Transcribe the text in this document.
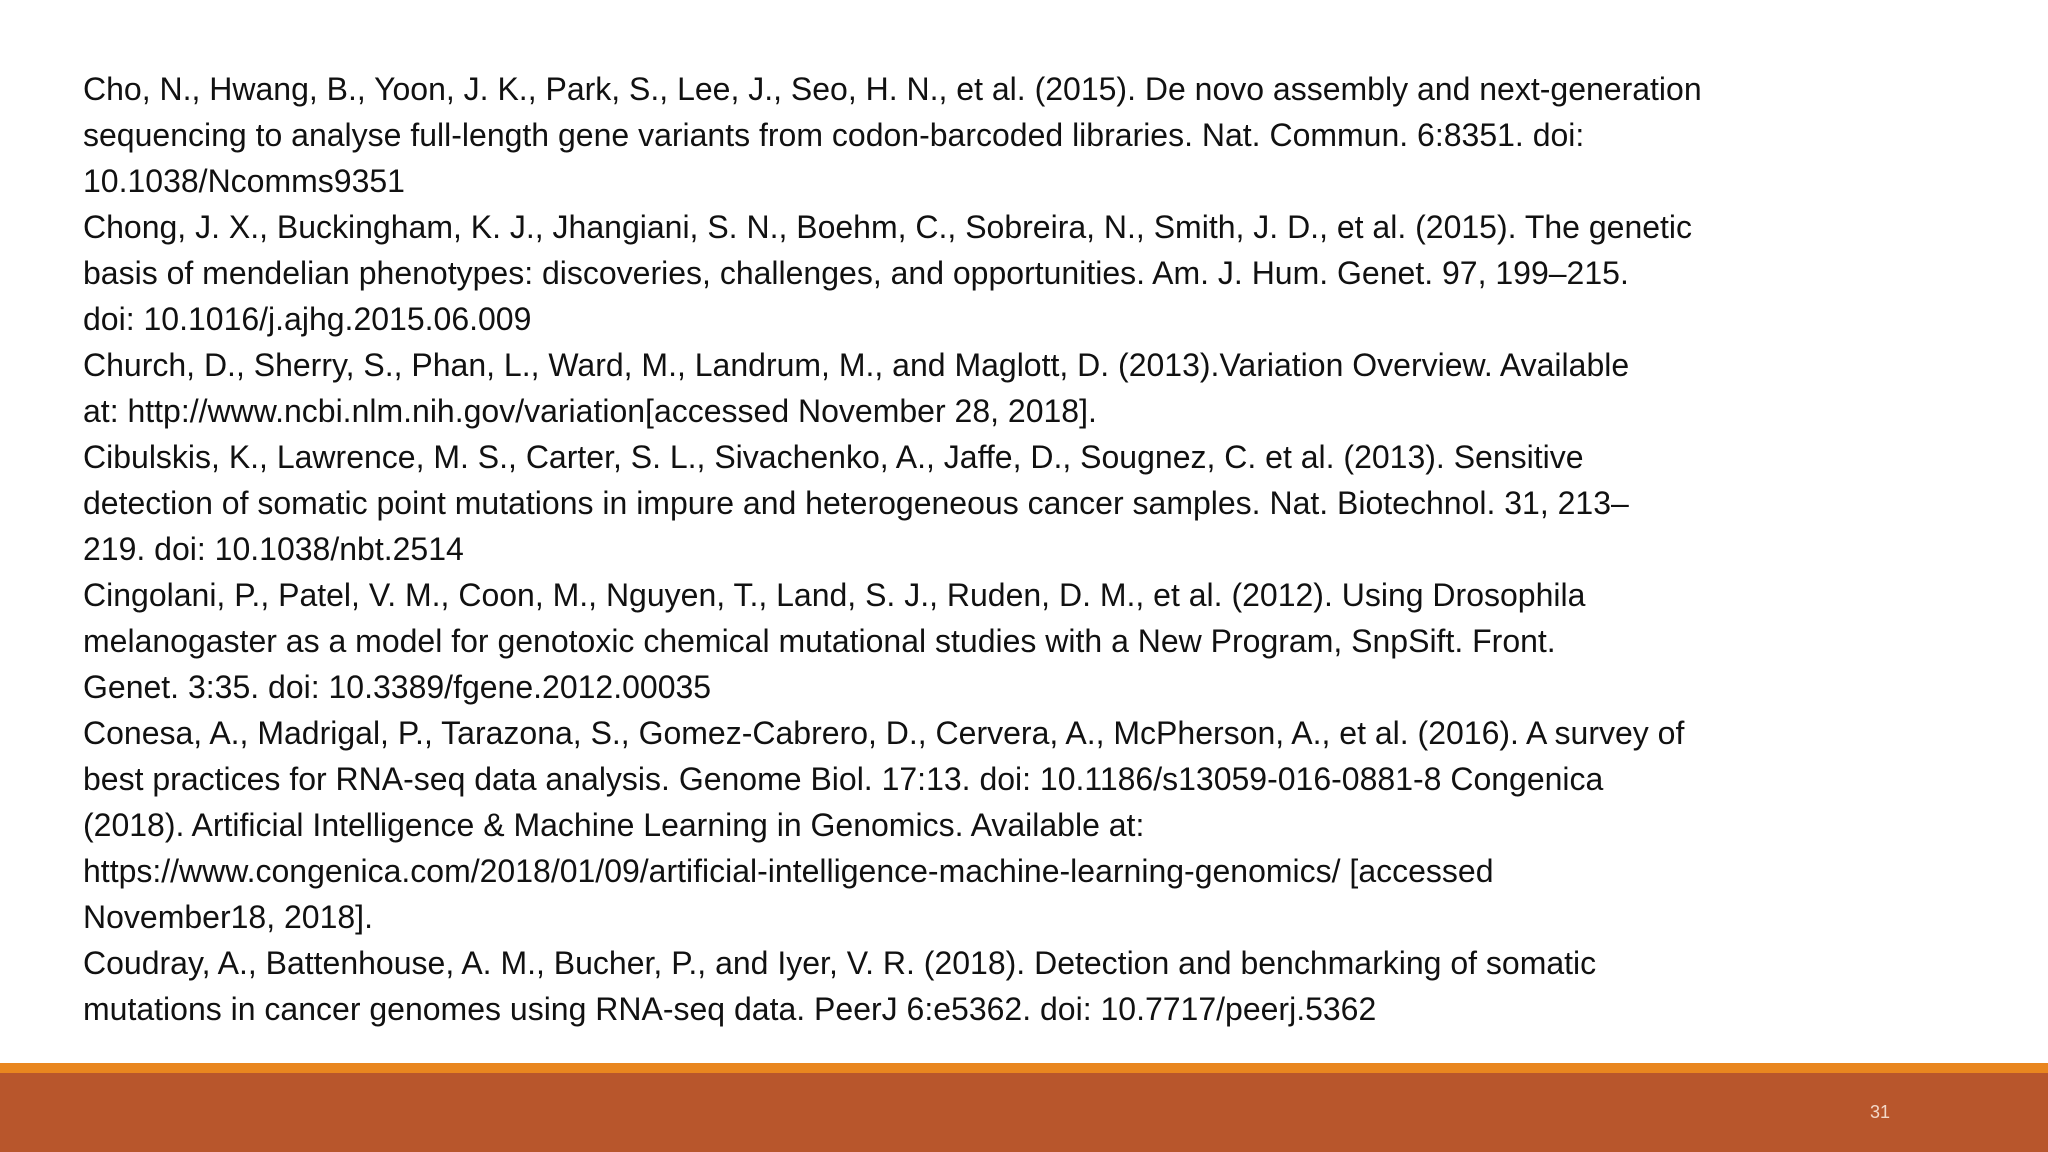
Cho, N., Hwang, B., Yoon, J. K., Park, S., Lee, J., Seo, H. N., et al. (2015). De novo assembly and next-generation
sequencing to analyse full-length gene variants from codon-barcoded libraries. Nat. Commun. 6:8351. doi:
10.1038/Ncomms9351

Chong, J. X., Buckingham, K. J., Jhangiani, S. N., Boehm, C., Sobreira, N., Smith, J. D., et al. (2015). The genetic
basis of mendelian phenotypes: discoveries, challenges, and opportunities. Am. J. Hum. Genet. 97, 199–215.
doi: 10.1016/j.ajhg.2015.06.009

Church, D., Sherry, S., Phan, L., Ward, M., Landrum, M., and Maglott, D. (2013).Variation Overview. Available
at: http://www.ncbi.nlm.nih.gov/variation[accessed November 28, 2018].

Cibulskis, K., Lawrence, M. S., Carter, S. L., Sivachenko, A., Jaffe, D., Sougnez, C. et al. (2013). Sensitive
detection of somatic point mutations in impure and heterogeneous cancer samples. Nat. Biotechnol. 31, 213–
219. doi: 10.1038/nbt.2514

Cingolani, P., Patel, V. M., Coon, M., Nguyen, T., Land, S. J., Ruden, D. M., et al. (2012). Using Drosophila
melanogaster as a model for genotoxic chemical mutational studies with a New Program, SnpSift. Front.
Genet. 3:35. doi: 10.3389/fgene.2012.00035

Conesa, A., Madrigal, P., Tarazona, S., Gomez-Cabrero, D., Cervera, A., McPherson, A., et al. (2016). A survey of
best practices for RNA-seq data analysis. Genome Biol. 17:13. doi: 10.1186/s13059-016-0881-8 Congenica
(2018). Artificial Intelligence & Machine Learning in Genomics. Available at:
https://www.congenica.com/2018/01/09/artificial-intelligence-machine-learning-genomics/ [accessed
November18, 2018].

Coudray, A., Battenhouse, A. M., Bucher, P., and Iyer, V. R. (2018). Detection and benchmarking of somatic
mutations in cancer genomes using RNA-seq data. PeerJ 6:e5362. doi: 10.7717/peerj.5362

31
